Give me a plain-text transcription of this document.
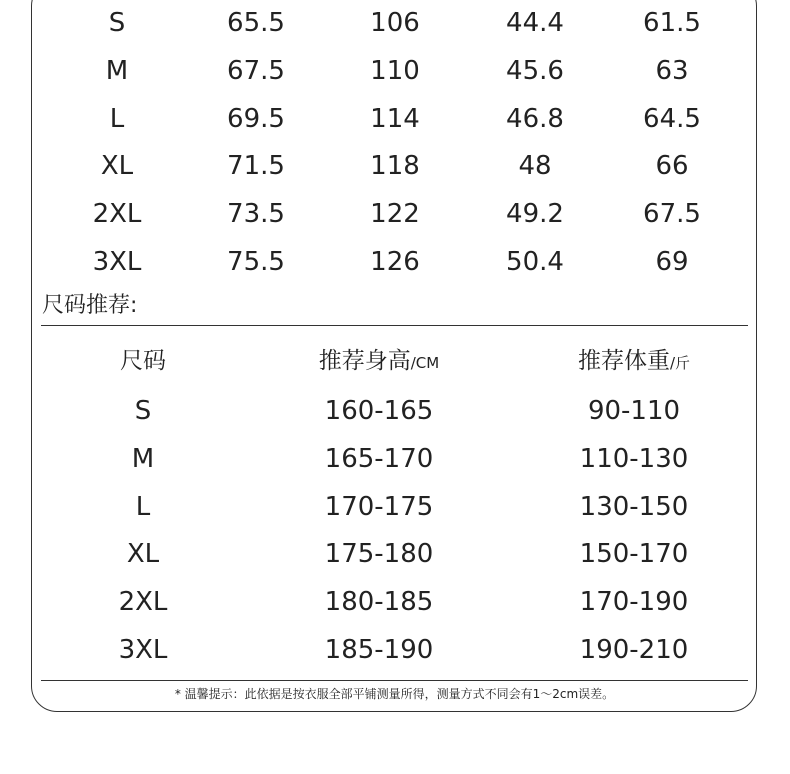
S	65.5	106	44.4	61.5
M	67.5	110	45.6	63
L	69.5	114	46.8	64.5
XL	71.5	118	48	66
2XL	73.5	122	49.2	67.5
3XL	75.5	126	50.4	69
尺码推荐:
尺码	推荐身高/CM	推荐体重/斤
S	160-165	90-110
M	165-170	110-130
L	170-175	130-150
XL	175-180	150-170
2XL	180-185	170-190
3XL	185-190	190-210
* 温馨提示：此依据是按衣服全部平铺测量所得，测量方式不同会有1～2cm误差。
